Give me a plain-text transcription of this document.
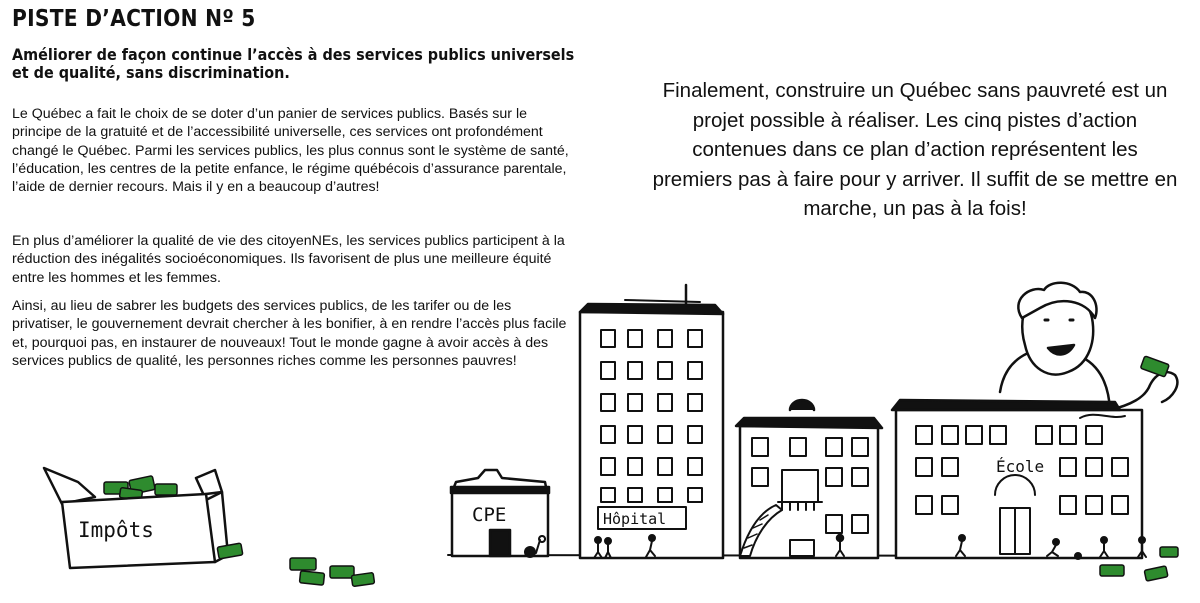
PISTE D’ACTION Nº 5
Améliorer de façon continue l’accès à des services publics universels et de qualité, sans discrimination.

Le Québec a fait le choix de se doter d’un panier de services publics. Basés sur le principe de la gratuité et de l’accessibilité universelle, ces services ont profondément changé le Québec. Parmi les services publics, les plus connus sont le système de santé, l’éducation, les centres de la petite enfance, le régime québécois d’assurance parentale, l’aide de dernier recours. Mais il y en a beaucoup d’autres!

En plus d’améliorer la qualité de vie des citoyenNEs, les services publics participent à la réduction des inégalités socioéconomiques. Ils favorisent de plus une meilleure équité entre les hommes et les femmes.

Ainsi, au lieu de sabrer les budgets des services publics, de les tarifer ou de les privatiser, le gouvernement devrait chercher à les bonifier, à en rendre l’accès plus facile et, pourquoi pas, en instaurer de nouveaux! Tout le monde gagne à avoir accès à des services publics de qualité, les personnes riches comme les personnes pauvres!

Finalement, construire un Québec sans pauvreté est un projet possible à réaliser. Les cinq pistes d’action contenues dans ce plan d’action représentent les premiers pas à faire pour y arriver. Il suffit de se mettre en marche, un pas à la fois!

Impôts
CPE	Hôpital
École
